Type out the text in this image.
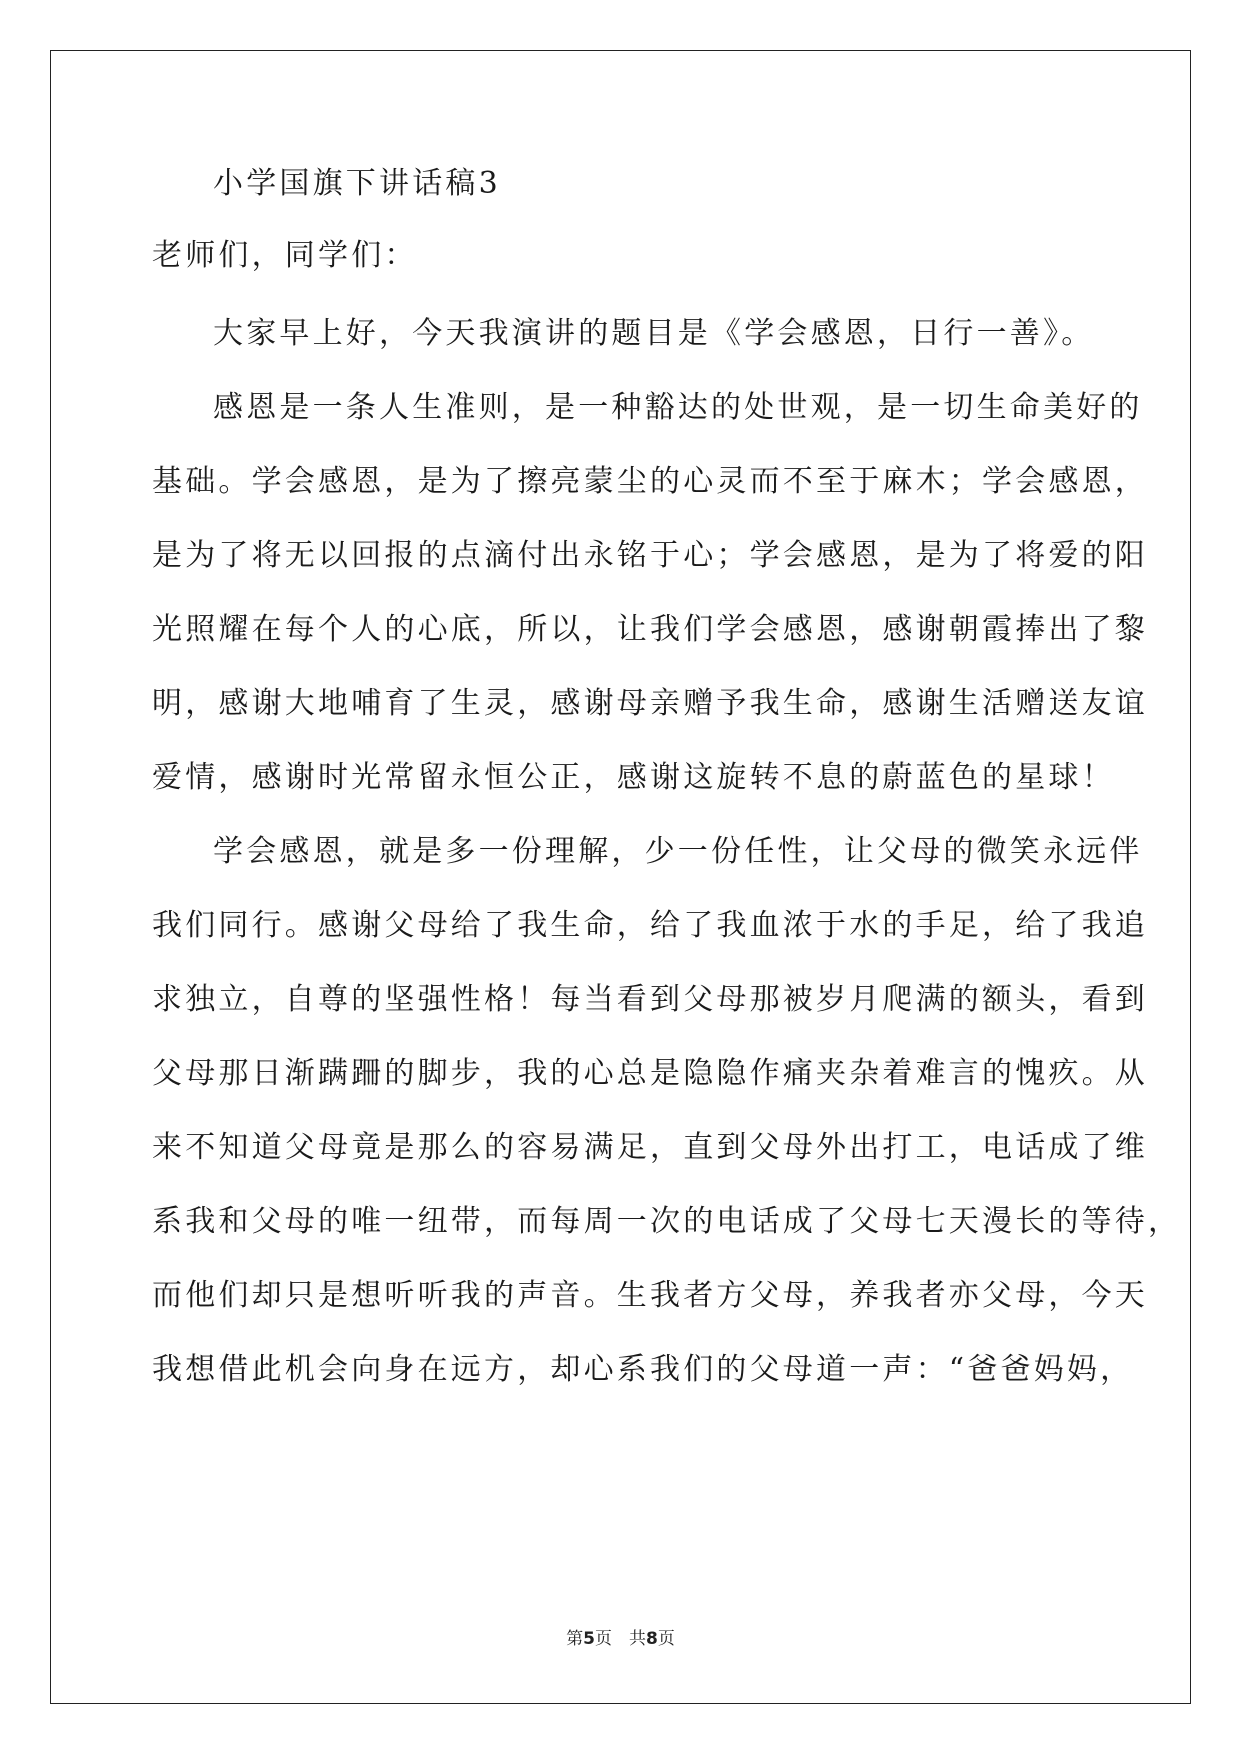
小学国旗下讲话稿3
老师们，同学们：
大家早上好，今天我演讲的题目是《学会感恩，日行一善》。
感恩是一条人生准则，是一种豁达的处世观，是一切生命美好的
基础。学会感恩，是为了擦亮蒙尘的心灵而不至于麻木；学会感恩，
是为了将无以回报的点滴付出永铭于心；学会感恩，是为了将爱的阳
光照耀在每个人的心底，所以，让我们学会感恩，感谢朝霞捧出了黎
明，感谢大地哺育了生灵，感谢母亲赠予我生命，感谢生活赠送友谊
爱情，感谢时光常留永恒公正，感谢这旋转不息的蔚蓝色的星球！
学会感恩，就是多一份理解，少一份任性，让父母的微笑永远伴
我们同行。感谢父母给了我生命，给了我血浓于水的手足，给了我追
求独立，自尊的坚强性格！每当看到父母那被岁月爬满的额头，看到
父母那日渐蹒跚的脚步，我的心总是隐隐作痛夹杂着难言的愧疚。从
来不知道父母竟是那么的容易满足，直到父母外出打工，电话成了维
系我和父母的唯一纽带，而每周一次的电话成了父母七天漫长的等待，
而他们却只是想听听我的声音。生我者方父母，养我者亦父母，今天
我想借此机会向身在远方，却心系我们的父母道一声：“爸爸妈妈，
第5页　共8页
